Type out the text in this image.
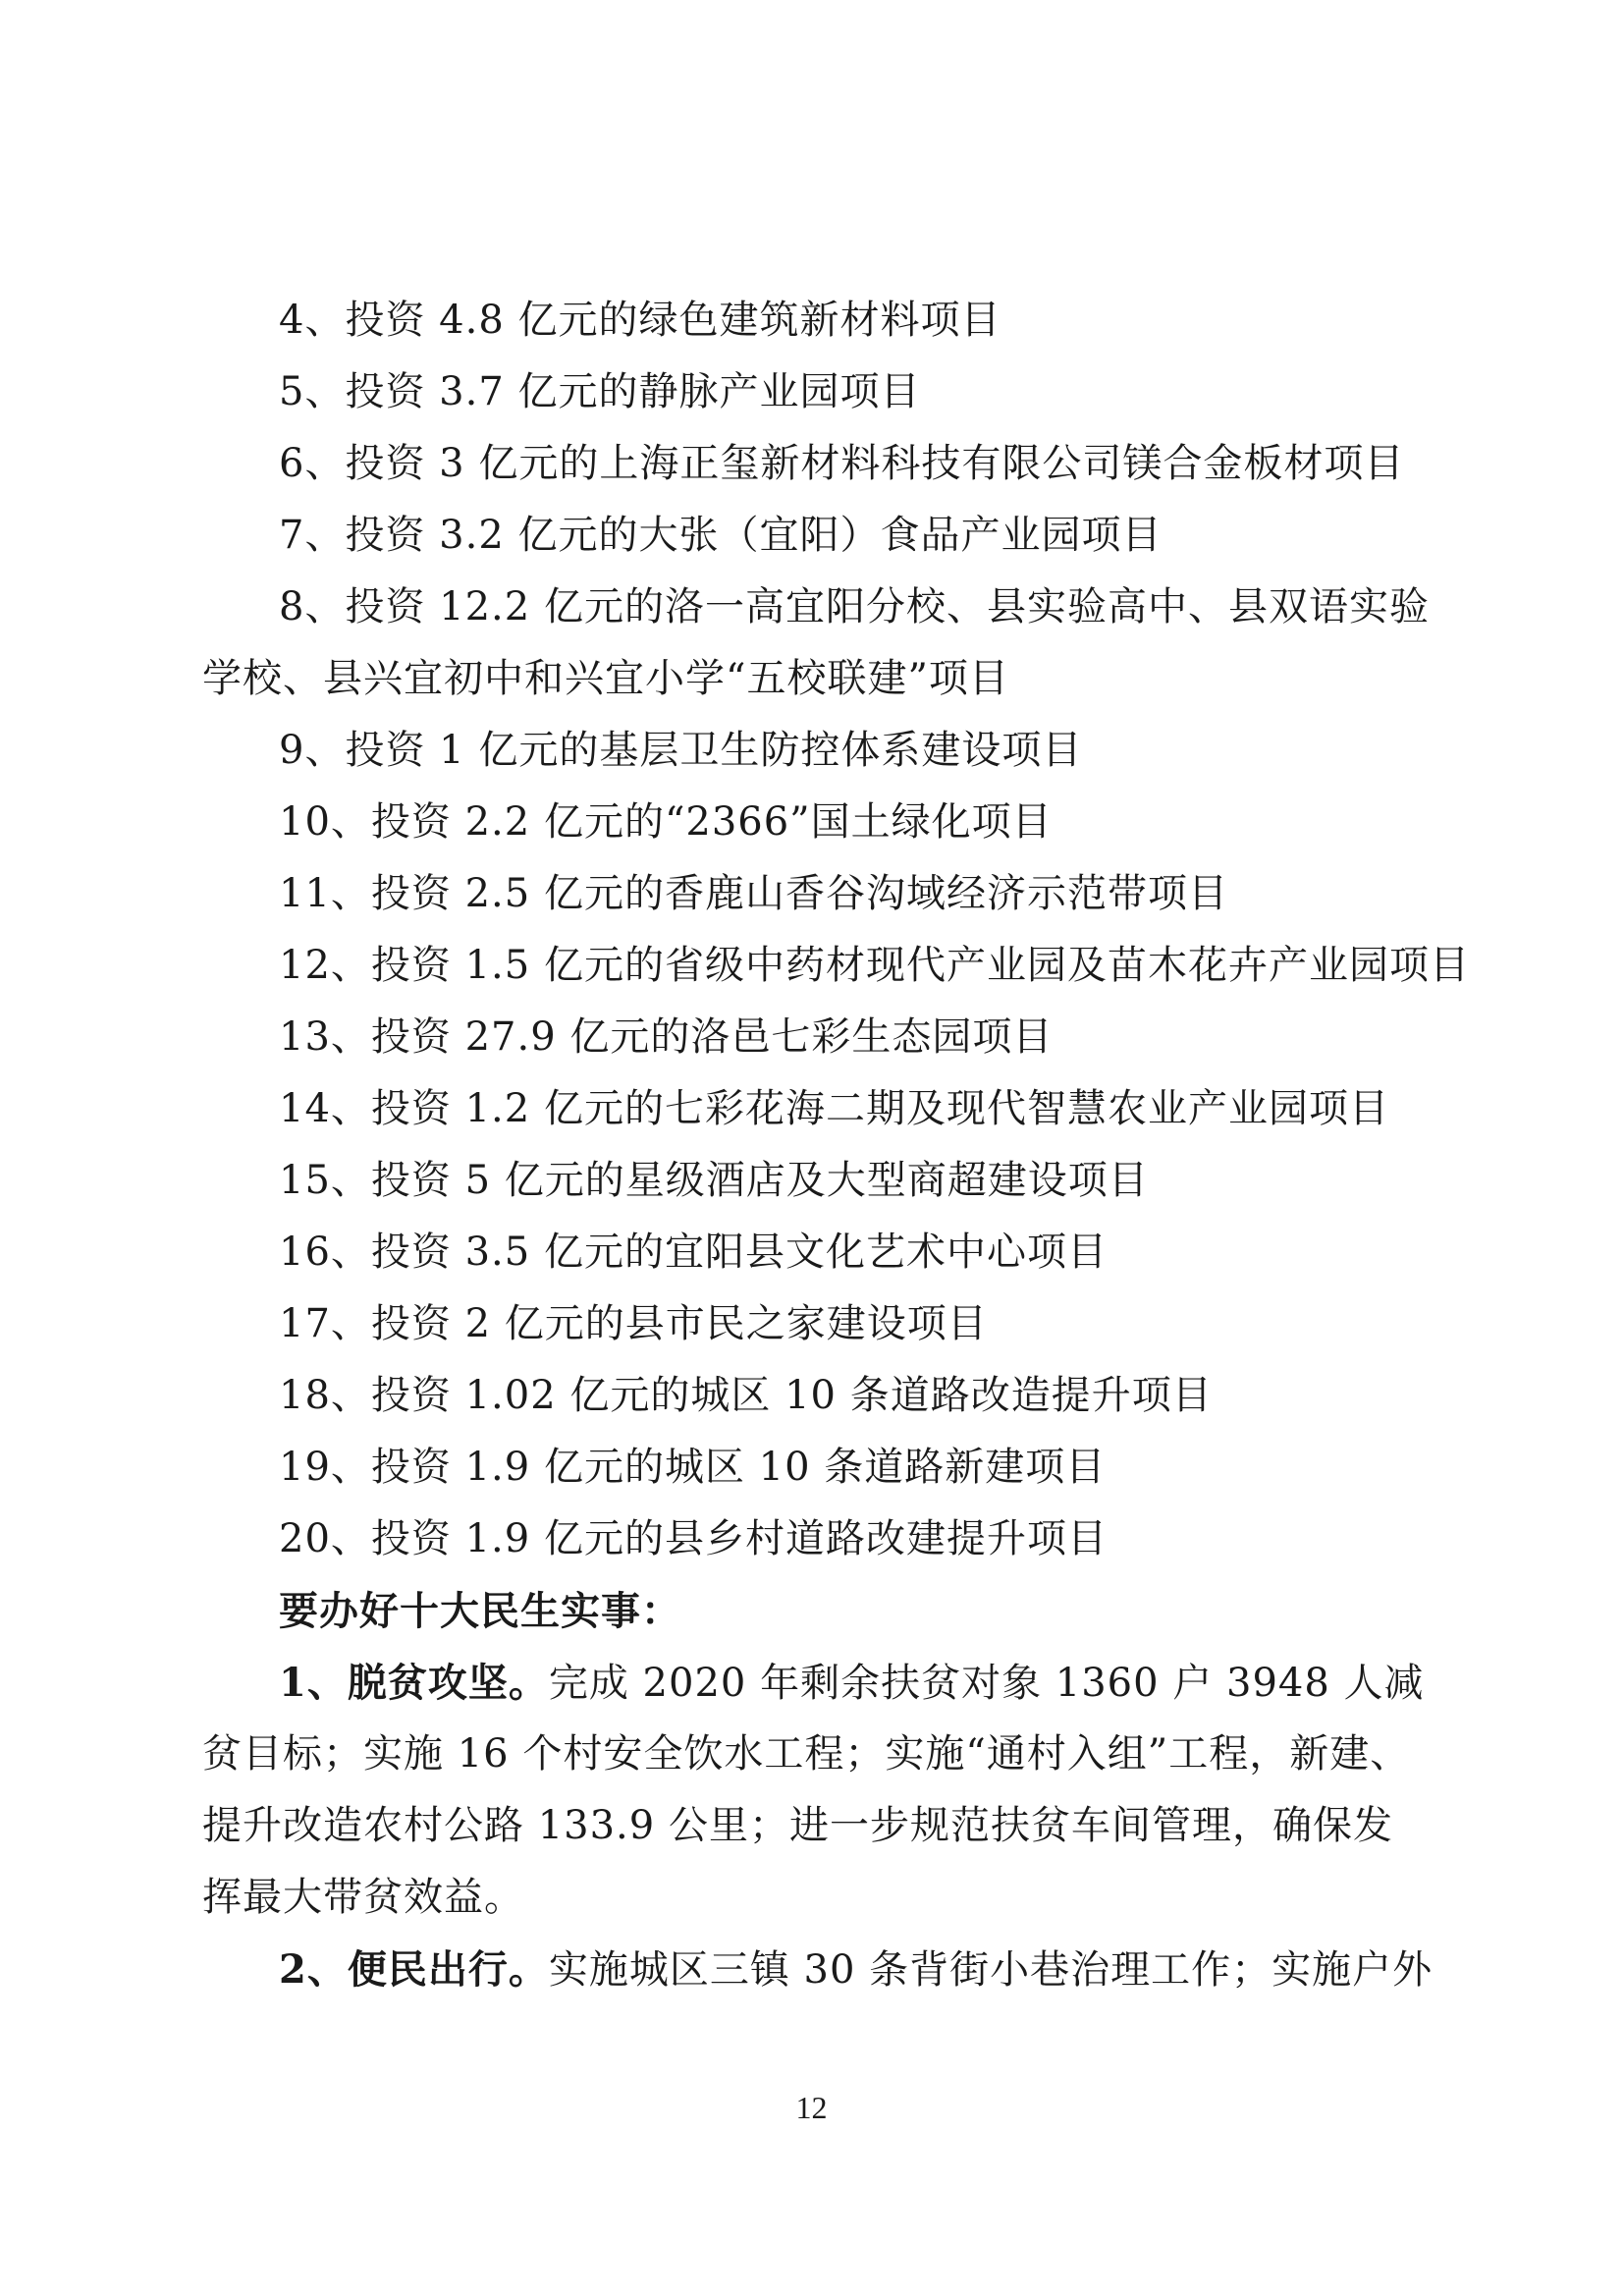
4、投资 4.8 亿元的绿色建筑新材料项目
5、投资 3.7 亿元的静脉产业园项目
6、投资 3 亿元的上海正玺新材料科技有限公司镁合金板材项目
7、投资 3.2 亿元的大张（宜阳）食品产业园项目
8、投资 12.2 亿元的洛一高宜阳分校、县实验高中、县双语实验
学校、县兴宜初中和兴宜小学“五校联建”项目
9、投资 1 亿元的基层卫生防控体系建设项目
10、投资 2.2 亿元的“2366”国土绿化项目
11、投资 2.5 亿元的香鹿山香谷沟域经济示范带项目
12、投资 1.5 亿元的省级中药材现代产业园及苗木花卉产业园项目
13、投资 27.9 亿元的洛邑七彩生态园项目
14、投资 1.2 亿元的七彩花海二期及现代智慧农业产业园项目
15、投资 5 亿元的星级酒店及大型商超建设项目
16、投资 3.5 亿元的宜阳县文化艺术中心项目
17、投资 2 亿元的县市民之家建设项目
18、投资 1.02 亿元的城区 10 条道路改造提升项目
19、投资 1.9 亿元的城区 10 条道路新建项目
20、投资 1.9 亿元的县乡村道路改建提升项目
要办好十大民生实事：
1、脱贫攻坚。完成 2020 年剩余扶贫对象 1360 户 3948 人减
贫目标；实施 16 个村安全饮水工程；实施“通村入组”工程，新建、
提升改造农村公路 133.9 公里；进一步规范扶贫车间管理，确保发
挥最大带贫效益。
2、便民出行。实施城区三镇 30 条背街小巷治理工作；实施户外
12
